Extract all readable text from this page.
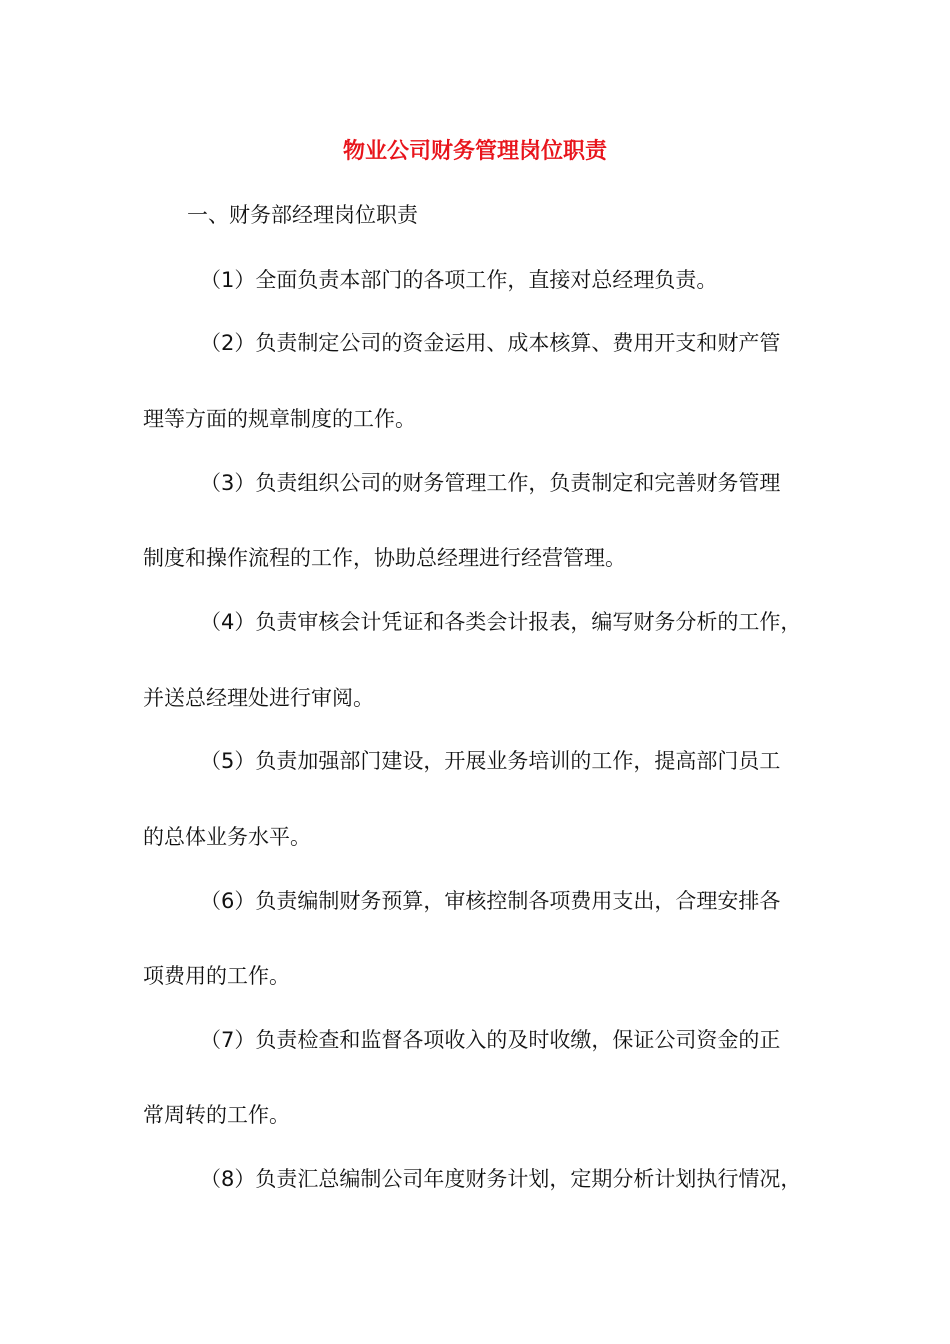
物业公司财务管理岗位职责
一、财务部经理岗位职责
（1）全面负责本部门的各项工作，直接对总经理负责。
（2）负责制定公司的资金运用、成本核算、费用开支和财产管
理等方面的规章制度的工作。
（3）负责组织公司的财务管理工作，负责制定和完善财务管理
制度和操作流程的工作，协助总经理进行经营管理。
（4）负责审核会计凭证和各类会计报表，编写财务分析的工作，
并送总经理处进行审阅。
（5）负责加强部门建设，开展业务培训的工作，提高部门员工
的总体业务水平。
（6）负责编制财务预算，审核控制各项费用支出，合理安排各
项费用的工作。
（7）负责检查和监督各项收入的及时收缴，保证公司资金的正
常周转的工作。
（8）负责汇总编制公司年度财务计划，定期分析计划执行情况，
